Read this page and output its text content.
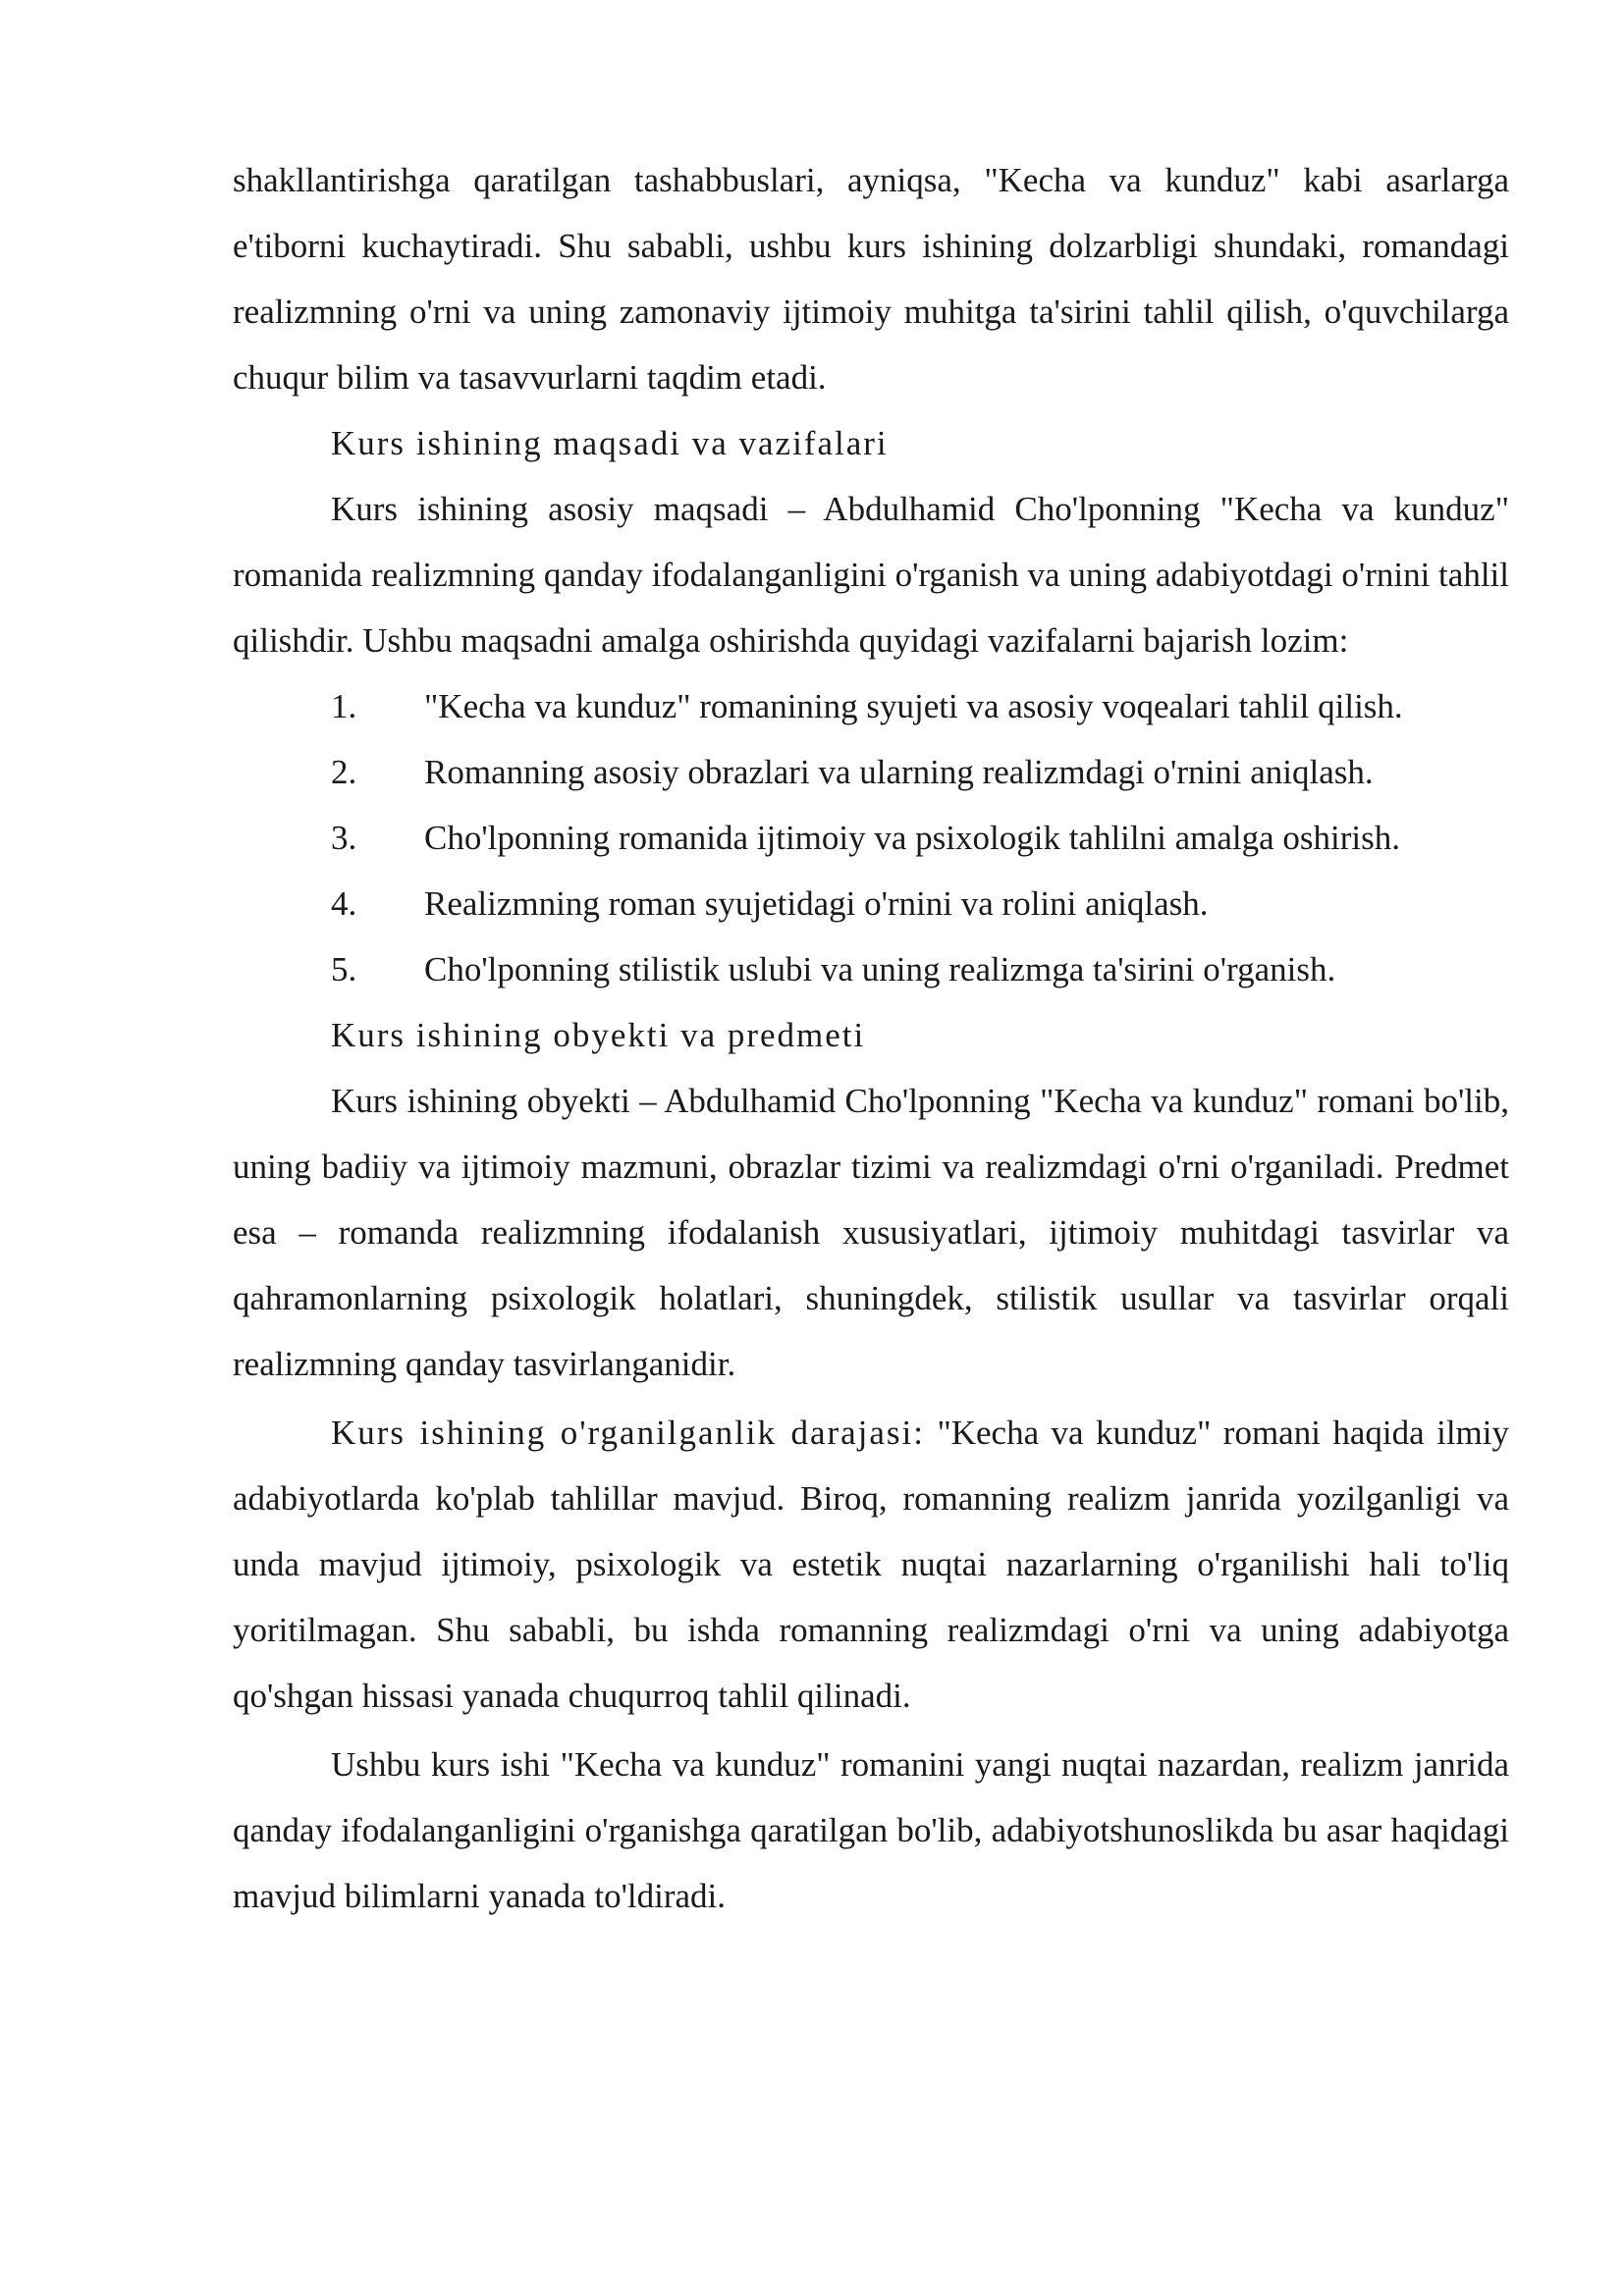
shakllantirishga qaratilgan tashabbuslari, ayniqsa, "Kecha va kunduz" kabi asarlarga e'tiborni kuchaytiradi. Shu sababli, ushbu kurs ishining dolzarbligi shundaki, romandagi realizmning o'rni va uning zamonaviy ijtimoiy muhitga ta'sirini tahlil qilish, o'quvchilarga chuqur bilim va tasavvurlarni taqdim etadi.

Kurs ishining maqsadi va vazifalari

Kurs ishining asosiy maqsadi – Abdulhamid Cho'lponning "Kecha va kunduz" romanida realizmning qanday ifodalanganligini o'rganish va uning adabiyotdagi o'rnini tahlil qilishdir. Ushbu maqsadni amalga oshirishda quyidagi vazifalarni bajarish lozim:

1.	"Kecha va kunduz" romanining syujeti va asosiy voqealari tahlil qilish.
2.	Romanning asosiy obrazlari va ularning realizmdagi o'rnini aniqlash.
3.	Cho'lponning romanida ijtimoiy va psixologik tahlilni amalga oshirish.
4.	Realizmning roman syujetidagi o'rnini va rolini aniqlash.
5.	Cho'lponning stilistik uslubi va uning realizmga ta'sirini o'rganish.

Kurs ishining obyekti va predmeti

Kurs ishining obyekti – Abdulhamid Cho'lponning "Kecha va kunduz" romani bo'lib, uning badiiy va ijtimoiy mazmuni, obrazlar tizimi va realizmdagi o'rni o'rganiladi. Predmet esa – romanda realizmning ifodalanish xususiyatlari, ijtimoiy muhitdagi tasvirlar va qahramonlarning psixologik holatlari, shuningdek, stilistik usullar va tasvirlar orqali realizmning qanday tasvirlanganidir.

Kurs ishining o'rganilganlik darajasi: "Kecha va kunduz" romani haqida ilmiy adabiyotlarda ko'plab tahlillar mavjud. Biroq, romanning realizm janrida yozilganligi va unda mavjud ijtimoiy, psixologik va estetik nuqtai nazarlarning o'rganilishi hali to'liq yoritilmagan. Shu sababli, bu ishda romanning realizmdagi o'rni va uning adabiyotga qo'shgan hissasi yanada chuqurroq tahlil qilinadi.

Ushbu kurs ishi "Kecha va kunduz" romanini yangi nuqtai nazardan, realizm janrida qanday ifodalanganligini o'rganishga qaratilgan bo'lib, adabiyotshunoslikda bu asar haqidagi mavjud bilimlarni yanada to'ldiradi.
